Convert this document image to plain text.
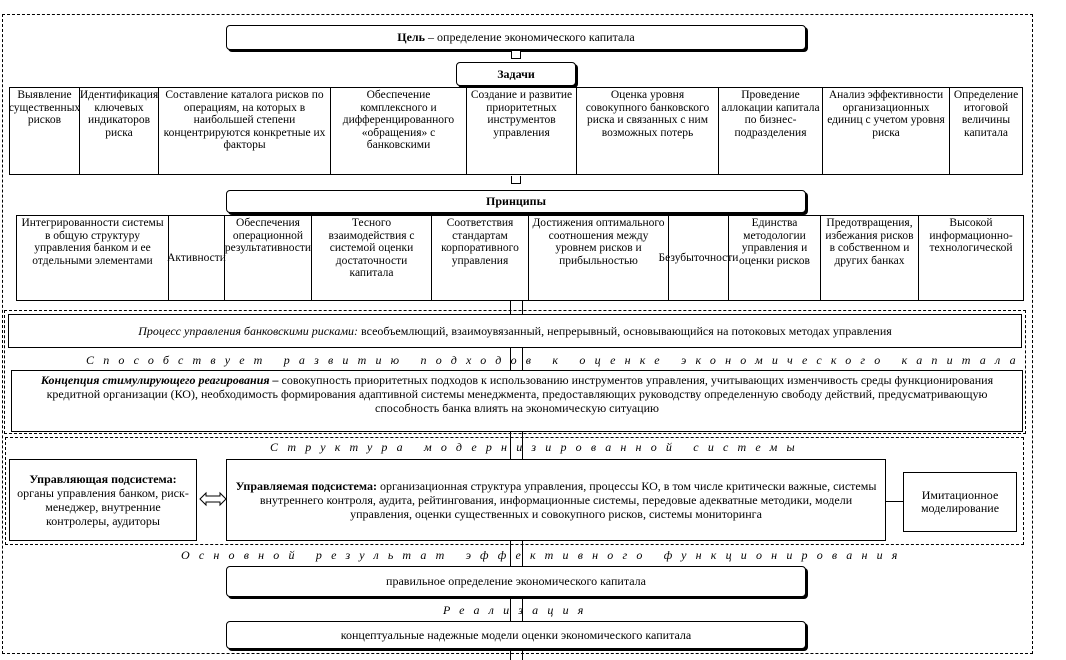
Цель – определение экономического капитала
Задачи
Выявление существенных рисков
Идентификация ключевых индикаторов риска
Составление каталога рисков по операциям, на которых в наибольшей степени концентрируются конкретные их факторы
Обеспечение комплексного и дифференцированного «обращения» с банковскими
Создание и развитие приоритетных инструментов управления
Оценка уровня совокупного банковского риска и связанных с ним возможных потерь
Проведение аллокации капитала по бизнес-подразделения
Анализ эффективности организационных единиц с учетом уровня риска
Определение итоговой величины капитала
Принципы
Интегрированности системы в общую структуру управления банком и ее отдельными элементами	Активности
Обеспечения операционной результативности
Тесного взаимодействия с системой оценки достаточности капитала
Соответствия стандартам корпоративного управления
Достижения оптимального соотношения между уровнем рисков и прибыльностью	Безубыточности
Единства методологии управления и оценки рисков
Предотвращения, избежания рисков в собственном и других банках
Высокой информационно-технологической
Процесс управления банковскими рисками: всеобъемлющий, взаимоувязанный, непрерывный, основывающийся на потоковых методах управления
Способствует развитию подходов к оценке экономического капитала
Концепция стимулирующего реагирования – совокупность приоритетных подходов к использованию инструментов управления, учитывающих изменчивость среды функционирования кредитной организации (КО), необходимость формирования адаптивной системы менеджмента, предоставляющих руководству определенную свободу действий, предусматривающую способность банка влиять на экономическую ситуацию
Структура модернизированной системы
Управляющая подсистема: органы управления банком, риск-менеджер, внутренние контролеры, аудиторы
Управляемая подсистема: организационная структура управления, процессы КО, в том числе критически важные, системы внутреннего контроля, аудита, рейтингования, информационные системы, передовые адекватные методики, модели управления, оценки существенных и совокупного рисков, системы мониторинга
Имитационное моделирование
Основной результат эффективного функционирования
правильное определение экономического капитала
Реализация
концептуальные надежные модели оценки экономического капитала
